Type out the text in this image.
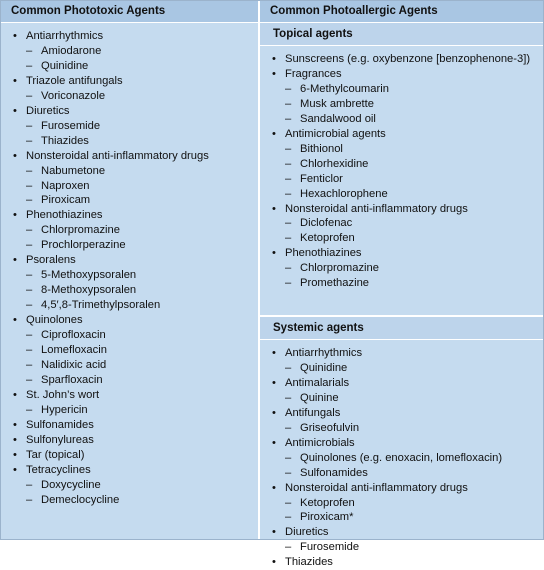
Common Phototoxic Agents
• Antiarrhythmics
– Amiodarone
– Quinidine
• Triazole antifungals
– Voriconazole
• Diuretics
– Furosemide
– Thiazides
• Nonsteroidal anti-inflammatory drugs
– Nabumetone
– Naproxen
– Piroxicam
• Phenothiazines
– Chlorpromazine
– Prochlorperazine
• Psoralens
– 5-Methoxypsoralen
– 8-Methoxypsoralen
– 4,5′,8-Trimethylpsoralen
• Quinolones
– Ciprofloxacin
– Lomefloxacin
– Nalidixic acid
– Sparfloxacin
• St. John’s wort
– Hypericin
• Sulfonamides
• Sulfonylureas
• Tar (topical)
• Tetracyclines
– Doxycycline
– Demeclocycline
Common Photoallergic Agents
Topical agents
• Sunscreens (e.g. oxybenzone [benzophenone-3])
• Fragrances
– 6-Methylcoumarin
– Musk ambrette
– Sandalwood oil
• Antimicrobial agents
– Bithionol
– Chlorhexidine
– Fenticlor
– Hexachlorophene
• Nonsteroidal anti-inflammatory drugs
– Diclofenac
– Ketoprofen
• Phenothiazines
– Chlorpromazine
– Promethazine
Systemic agents
• Antiarrhythmics
– Quinidine
• Antimalarials
– Quinine
• Antifungals
– Griseofulvin
• Antimicrobials
– Quinolones (e.g. enoxacin, lomefloxacin)
– Sulfonamides
• Nonsteroidal anti-inflammatory drugs
– Ketoprofen
– Piroxicam*
• Diuretics
– Furosemide
• Thiazides
